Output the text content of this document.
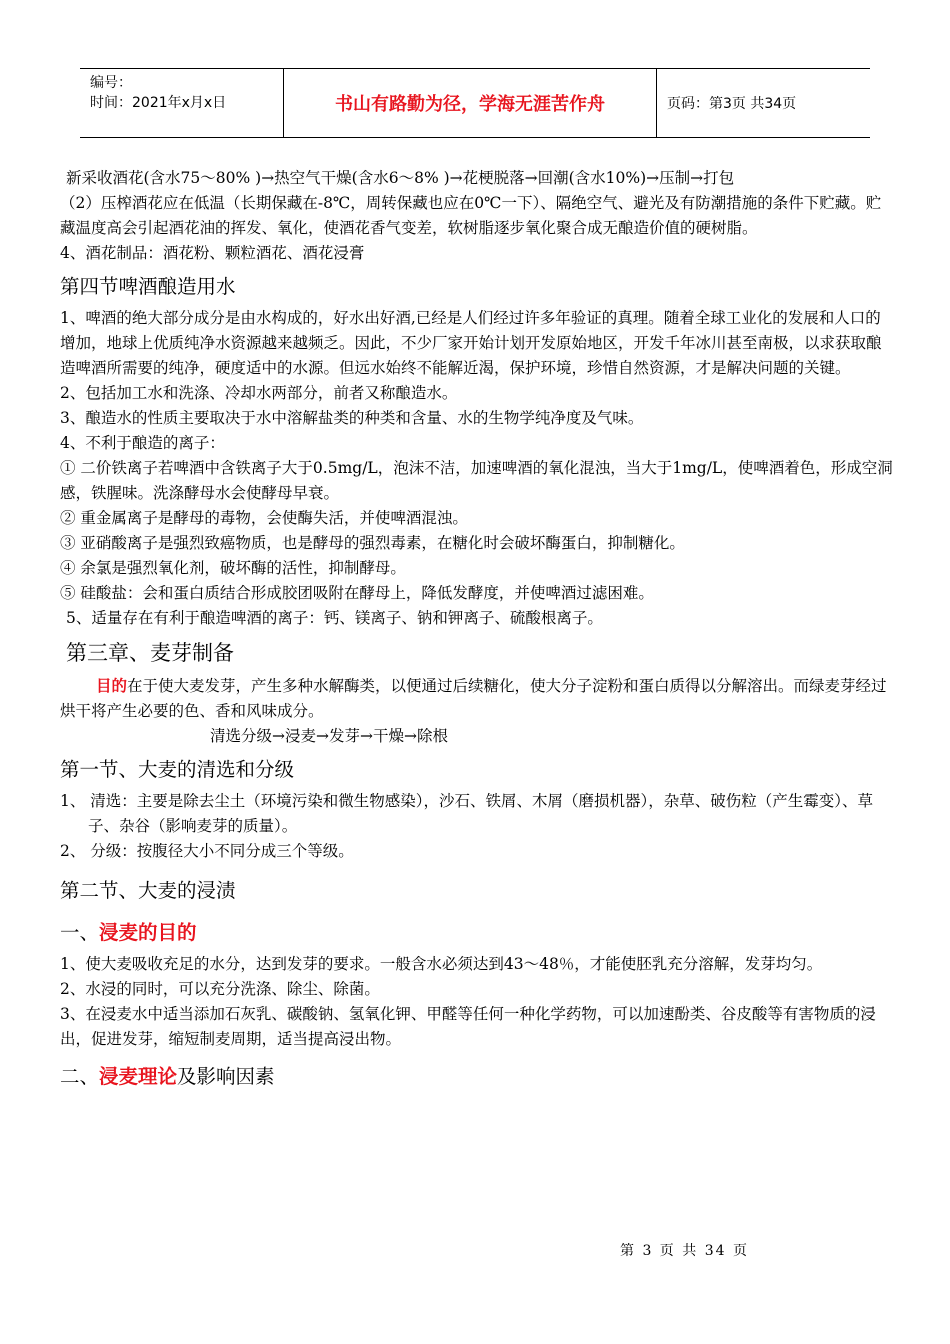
编号：
时间：2021年x月x日	书山有路勤为径，学海无涯苦作舟	页码：第3页 共34页

新采收酒花(含水75～80% )→热空气干燥(含水6～8% )→花梗脱落→回潮(含水10%)→压制→打包

（2）压榨酒花应在低温（长期保藏在-8℃，周转保藏也应在0℃一下）、隔绝空气、避光及有防潮措施的条件下贮藏。贮藏温度高会引起酒花油的挥发、氧化，使酒花香气变差，软树脂逐步氧化聚合成无酿造价值的硬树脂。

4、酒花制品：酒花粉、颗粒酒花、酒花浸膏

第四节啤酒酿造用水

1、啤酒的绝大部分成分是由水构成的，好水出好酒,已经是人们经过许多年验证的真理。随着全球工业化的发展和人口的增加，地球上优质纯净水资源越来越频乏。因此，不少厂家开始计划开发原始地区，开发千年冰川甚至南极，以求获取酿造啤酒所需要的纯净，硬度适中的水源。但远水始终不能解近渴，保护环境，珍惜自然资源，才是解决问题的关键。

2、包括加工水和洗涤、冷却水两部分，前者又称酿造水。

3、酿造水的性质主要取决于水中溶解盐类的种类和含量、水的生物学纯净度及气味。

4、不利于酿造的离子：

① 二价铁离子若啤酒中含铁离子大于0.5mg/L，泡沫不洁，加速啤酒的氧化混浊，当大于1mg/L，使啤酒着色，形成空洞感，铁腥味。洗涤酵母水会使酵母早衰。

② 重金属离子是酵母的毒物，会使酶失活，并使啤酒混浊。

③ 亚硝酸离子是强烈致癌物质，也是酵母的强烈毒素，在糖化时会破坏酶蛋白，抑制糖化。

④ 余氯是强烈氧化剂，破坏酶的活性，抑制酵母。

⑤ 硅酸盐：会和蛋白质结合形成胶团吸附在酵母上，降低发酵度，并使啤酒过滤困难。

5、适量存在有利于酿造啤酒的离子：钙、镁离子、钠和钾离子、硫酸根离子。

第三章、麦芽制备

目的在于使大麦发芽，产生多种水解酶类，以便通过后续糖化，使大分子淀粉和蛋白质得以分解溶出。而绿麦芽经过烘干将产生必要的色、香和风味成分。

清选分级→浸麦→发芽→干燥→除根

第一节、大麦的清选和分级

1、 清选：主要是除去尘土（环境污染和微生物感染），沙石、铁屑、木屑（磨损机器），杂草、破伤粒（产生霉变）、草子、杂谷（影响麦芽的质量）。

2、 分级：按腹径大小不同分成三个等级。

第二节、大麦的浸渍

一、浸麦的目的

1、使大麦吸收充足的水分，达到发芽的要求。一般含水必须达到43～48％，才能使胚乳充分溶解，发芽均匀。

2、水浸的同时，可以充分洗涤、除尘、除菌。

3、在浸麦水中适当添加石灰乳、碳酸钠、氢氧化钾、甲醛等任何一种化学药物，可以加速酚类、谷皮酸等有害物质的浸出，促进发芽，缩短制麦周期，适当提高浸出物。

二、浸麦理论及影响因素

第 3 页 共 34 页
